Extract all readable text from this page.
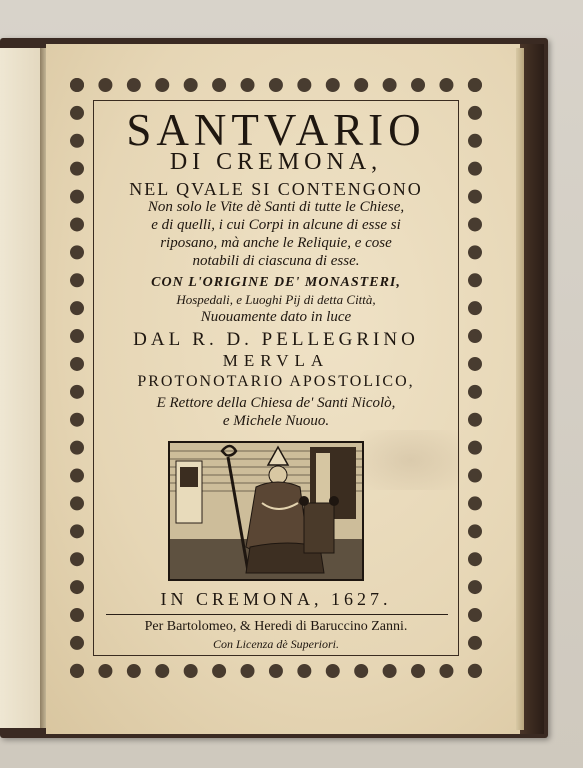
SANTVARIO
DI CREMONA,
NEL QVALE SI CONTENGONO
Non solo le Vite dè Santi di tutte le Chiese,
e di quelli, i cui Corpi in alcune di esse si
riposano, mà anche le Reliquie, e cose
notabili di ciascuna di esse.
CON L'ORIGINE DE' MONASTERI,
Hospedali, e Luoghi Pij di detta Città,
Nuouamente dato in luce
DAL R. D. PELLEGRINO
MERVLA
PROTONOTARIO APOSTOLICO,
E Rettore della Chiesa de' Santi Nicolò,
e Michele Nuouo.
IN CREMONA, 1627.
Per Bartolomeo, & Heredi di Baruccino Zanni.
Con Licenza dè Superiori.
